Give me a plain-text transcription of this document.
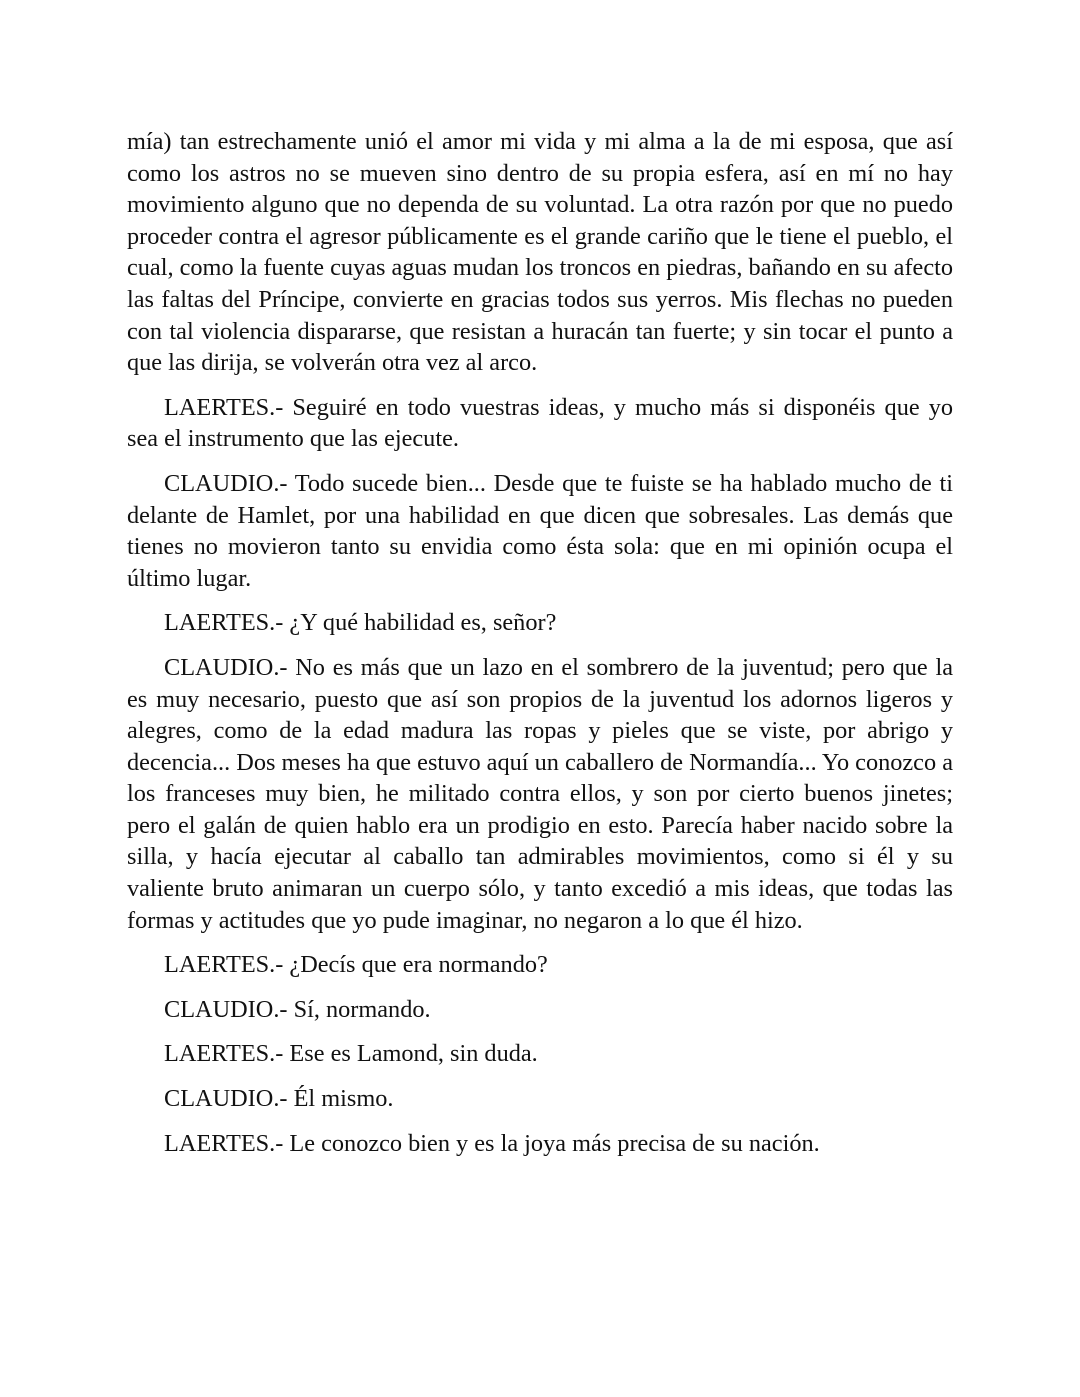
mía) tan estrechamente unió el amor mi vida y mi alma a la de mi esposa, que así como los astros no se mueven sino dentro de su propia esfera, así en mí no hay movimiento alguno que no dependa de su voluntad. La otra razón por que no puedo proceder contra el agresor públicamente es el grande cariño que le tiene el pueblo, el cual, como la fuente cuyas aguas mudan los troncos en piedras, bañando en su afecto las faltas del Príncipe, convierte en gracias todos sus yerros. Mis flechas no pueden con tal violencia dispararse, que resistan a huracán tan fuerte; y sin tocar el punto a que las dirija, se volverán otra vez al arco.

LAERTES.- Seguiré en todo vuestras ideas, y mucho más si disponéis que yo sea el instrumento que las ejecute.

CLAUDIO.- Todo sucede bien... Desde que te fuiste se ha hablado mucho de ti delante de Hamlet, por una habilidad en que dicen que sobresales. Las demás que tienes no movieron tanto su envidia como ésta sola: que en mi opinión ocupa el último lugar.

LAERTES.- ¿Y qué habilidad es, señor?

CLAUDIO.- No es más que un lazo en el sombrero de la juventud; pero que la es muy necesario, puesto que así son propios de la juventud los adornos ligeros y alegres, como de la edad madura las ropas y pieles que se viste, por abrigo y decencia... Dos meses ha que estuvo aquí un caballero de Normandía... Yo conozco a los franceses muy bien, he militado contra ellos, y son por cierto buenos jinetes; pero el galán de quien hablo era un prodigio en esto. Parecía haber nacido sobre la silla, y hacía ejecutar al caballo tan admirables movimientos, como si él y su valiente bruto animaran un cuerpo sólo, y tanto excedió a mis ideas, que todas las formas y actitudes que yo pude imaginar, no negaron a lo que él hizo.

LAERTES.- ¿Decís que era normando?

CLAUDIO.- Sí, normando.

LAERTES.- Ese es Lamond, sin duda.

CLAUDIO.- Él mismo.

LAERTES.- Le conozco bien y es la joya más precisa de su nación.
